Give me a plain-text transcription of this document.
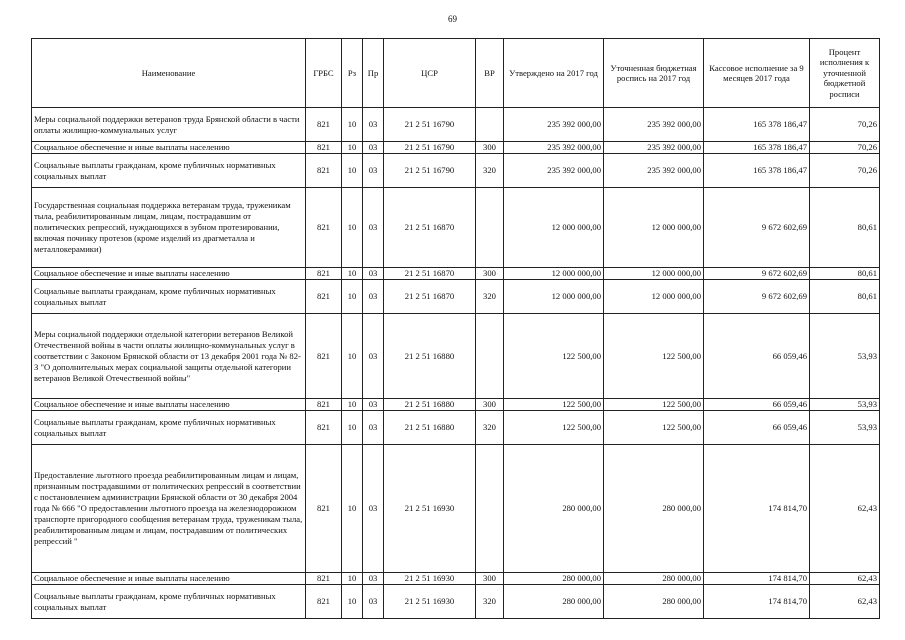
69
Наименование	ГРБС	Рз	Пр	ЦСР	ВР	Утверждено на 2017 год	Уточненная бюджетная роспись на 2017 год	Кассовое исполнение за 9 месяцев 2017 года	Процент исполнения к уточненной бюджетной росписи
Меры социальной поддержки ветеранов труда Брянской области в части оплаты жилищно-коммунальных услуг	821	10	03	21 2 51 16790		235 392 000,00	235 392 000,00	165 378 186,47	70,26
Социальное обеспечение и иные выплаты населению	821	10	03	21 2 51 16790	300	235 392 000,00	235 392 000,00	165 378 186,47	70,26
Социальные выплаты гражданам, кроме публичных нормативных социальных выплат	821	10	03	21 2 51 16790	320	235 392 000,00	235 392 000,00	165 378 186,47	70,26
Государственная социальная поддержка ветеранам труда, труженикам тыла, реабилитированным лицам, лицам, пострадавшим от политических репрессий, нуждающихся в зубном протезировании, включая починку протезов (кроме изделий из драгметалла и металлокерамики)	821	10	03	21 2 51 16870		12 000 000,00	12 000 000,00	9 672 602,69	80,61
Социальное обеспечение и иные выплаты населению	821	10	03	21 2 51 16870	300	12 000 000,00	12 000 000,00	9 672 602,69	80,61
Социальные выплаты гражданам, кроме публичных нормативных социальных выплат	821	10	03	21 2 51 16870	320	12 000 000,00	12 000 000,00	9 672 602,69	80,61
Меры социальной поддержки отдельной категории ветеранов Великой Отечественной войны в части оплаты жилищно-коммунальных услуг в соответствии с Законом Брянской области от 13 декабря 2001 года № 82-З "О дополнительных мерах социальной защиты отдельной категории ветеранов Великой Отечественной войны"	821	10	03	21 2 51 16880		122 500,00	122 500,00	66 059,46	53,93
Социальное обеспечение и иные выплаты населению	821	10	03	21 2 51 16880	300	122 500,00	122 500,00	66 059,46	53,93
Социальные выплаты гражданам, кроме публичных нормативных социальных выплат	821	10	03	21 2 51 16880	320	122 500,00	122 500,00	66 059,46	53,93
Предоставление льготного проезда реабилитированным лицам и лицам, признанным пострадавшими от политических репрессий в соответствии с постановлением администрации Брянской области от 30 декабря 2004 года № 666 "О предоставлении льготного проезда на железнодорожном транспорте пригородного сообщения ветеранам труда, труженикам тыла, реабилитированным лицам и лицам, пострадавшим от политических репрессий "	821	10	03	21 2 51 16930		280 000,00	280 000,00	174 814,70	62,43
Социальное обеспечение и иные выплаты населению	821	10	03	21 2 51 16930	300	280 000,00	280 000,00	174 814,70	62,43
Социальные выплаты гражданам, кроме публичных нормативных социальных выплат	821	10	03	21 2 51 16930	320	280 000,00	280 000,00	174 814,70	62,43
